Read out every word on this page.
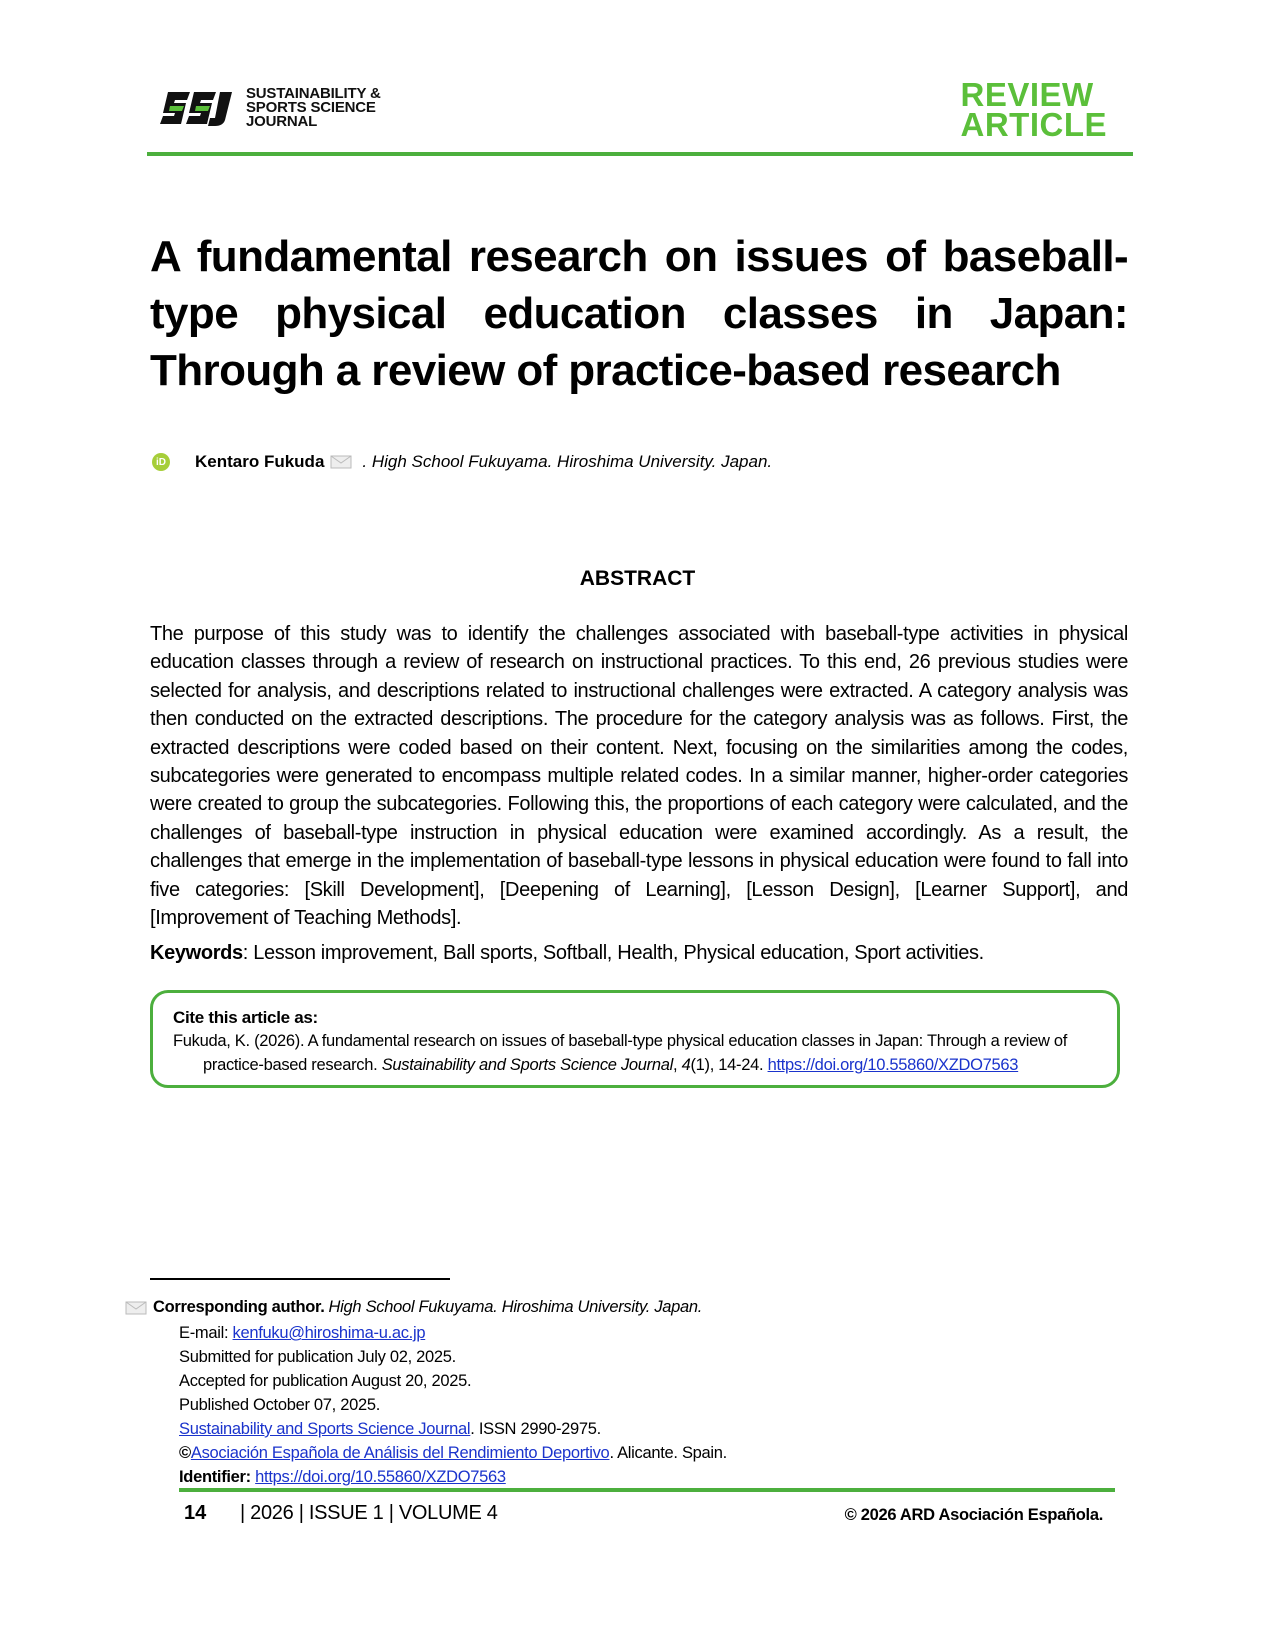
SUSTAINABILITY &
SPORTS SCIENCE
JOURNAL
REVIEW
ARTICLE
A fundamental research on issues of baseball-type physical education classes in Japan: Through a review of practice-based research
iD Kentaro Fukuda . High School Fukuyama. Hiroshima University. Japan.
ABSTRACT

The purpose of this study was to identify the challenges associated with baseball-type activities in physical education classes through a review of research on instructional practices. To this end, 26 previous studies were selected for analysis, and descriptions related to instructional challenges were extracted. A category analysis was then conducted on the extracted descriptions. The procedure for the category analysis was as follows. First, the extracted descriptions were coded based on their content. Next, focusing on the similarities among the codes, subcategories were generated to encompass multiple related codes. In a similar manner, higher-order categories were created to group the subcategories. Following this, the proportions of each category were calculated, and the challenges of baseball-type instruction in physical education were examined accordingly. As a result, the challenges that emerge in the implementation of baseball-type lessons in physical education were found to fall into five categories: [Skill Development], [Deepening of Learning], [Lesson Design], [Learner Support], and [Improvement of Teaching Methods].

Keywords: Lesson improvement, Ball sports, Softball, Health, Physical education, Sport activities.

Cite this article as:
Fukuda, K. (2026). A fundamental research on issues of baseball-type physical education classes in Japan: Through a review of practice-based research. Sustainability and Sports Science Journal, 4(1), 14-24. https://doi.org/10.55860/XZDO7563
Corresponding author. High School Fukuyama. Hiroshima University. Japan.
E-mail: kenfuku@hiroshima-u.ac.jp
Submitted for publication July 02, 2025.
Accepted for publication August 20, 2025.
Published October 07, 2025.
Sustainability and Sports Science Journal. ISSN 2990-2975.
©Asociación Española de Análisis del Rendimiento Deportivo. Alicante. Spain.
Identifier: https://doi.org/10.55860/XZDO7563
14 | 2026 | ISSUE 1 | VOLUME 4	© 2026 ARD Asociación Española.
